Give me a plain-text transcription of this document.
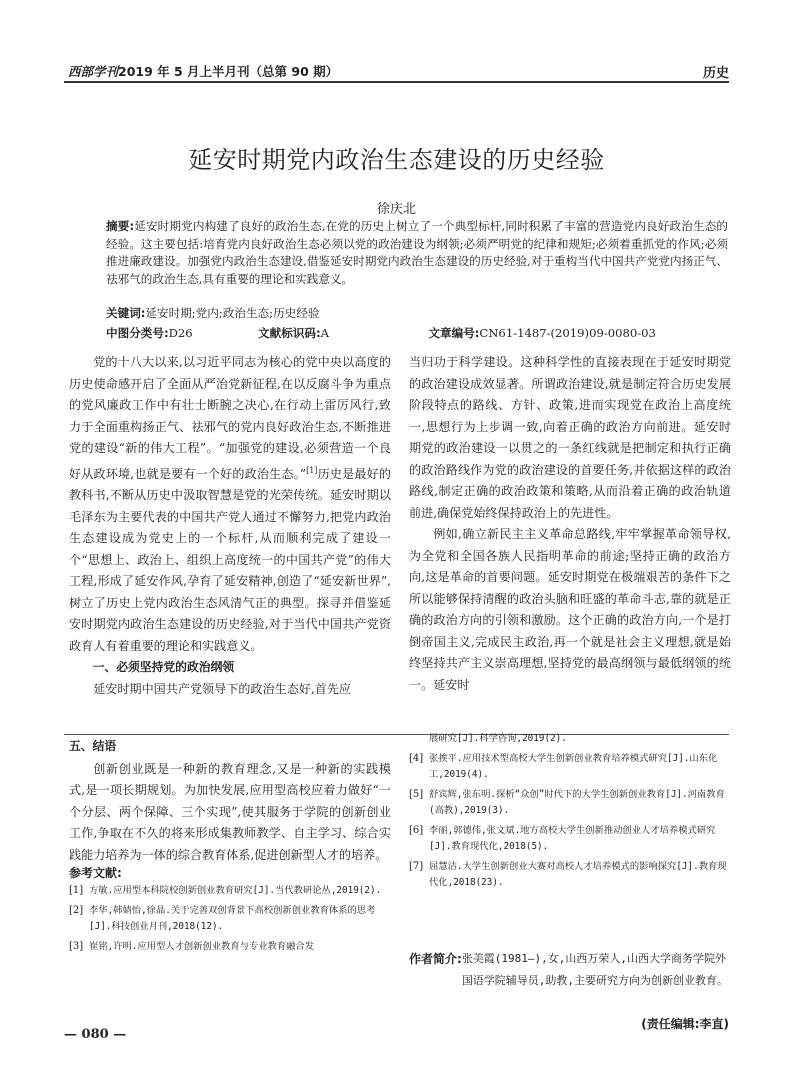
西部学刊2019 年 5 月上半月刊（总第 90 期）	历史
延安时期党内政治生态建设的历史经验
徐庆北
摘要:延安时期党内构建了良好的政治生态,在党的历史上树立了一个典型标杆,同时积累了丰富的营造党内良好政治生态的经验。这主要包括:培育党内良好政治生态必须以党的政治建设为纲领;必须严明党的纪律和规矩;必须着重抓党的作风;必须推进廉政建设。加强党内政治生态建设,借鉴延安时期党内政治生态建设的历史经验,对于重构当代中国共产党党内扬正气、祛邪气的政治生态,具有重要的理论和实践意义。
关键词:延安时期;党内;政治生态;历史经验
中图分类号:D26	文献标识码:A	文章编号:CN61-1487-(2019)09-0080-03

党的十八大以来,以习近平同志为核心的党中央以高度的历史使命感开启了全面从严治党新征程,在以反腐斗争为重点的党风廉政工作中有壮士断腕之决心,在行动上雷厉风行,致力于全面重构扬正气、祛邪气的党内良好政治生态,不断推进党的建设“新的伟大工程”。“加强党的建设,必须营造一个良好从政环境,也就是要有一个好的政治生态。”[1]历史是最好的教科书,不断从历史中汲取智慧是党的光荣传统。延安时期以毛泽东为主要代表的中国共产党人通过不懈努力,把党内政治生态建设成为党史上的一个标杆,从而顺利完成了建设一个“思想上、政治上、组织上高度统一的中国共产党”的伟大工程,形成了延安作风,孕育了延安精神,创造了“延安新世界”,树立了历史上党内政治生态风清气正的典型。探寻并借鉴延安时期党内政治生态建设的历史经验,对于当代中国共产党资政育人有着重要的理论和实践意义。

一、必须坚持党的政治纲领

延安时期中国共产党领导下的政治生态好,首先应

当归功于科学建设。这种科学性的直接表现在于延安时期党的政治建设成效显著。所谓政治建设,就是制定符合历史发展阶段特点的路线、方针、政策,进而实现党在政治上高度统一,思想行为上步调一致,向着正确的政治方向前进。延安时期党的政治建设一以贯之的一条红线就是把制定和执行正确的政治路线作为党的政治建设的首要任务,并依据这样的政治路线,制定正确的政治政策和策略,从而沿着正确的政治轨道前进,确保党始终保持政治上的先进性。

例如,确立新民主主义革命总路线,牢牢掌握革命领导权,为全党和全国各族人民指明革命的前途;坚持正确的政治方向,这是革命的首要问题。延安时期党在极端艰苦的条件下之所以能够保持清醒的政治头脑和旺盛的革命斗志,靠的就是正确的政治方向的引领和激励。这个正确的政治方向,一个是打倒帝国主义,完成民主政治,再一个就是社会主义理想,就是始终坚持共产主义崇高理想,坚持党的最高纲领与最低纲领的统一。延安时

五、结语

创新创业既是一种新的教育理念,又是一种新的实践模式,是一项长期规划。为加快发展,应用型高校应着力做好“一个分层、两个保障、三个实现”,使其服务于学院的创新创业工作,争取在不久的将来形成集教师教学、自主学习、综合实践能力培养为一体的综合教育体系,促进创新型人才的培养。

参考文献:
[1] 方敏.应用型本科院校创新创业教育研究[J].当代教研论丛,2019(2).
[2] 李华,韩婧怡,徐晶.关于完善双创背景下高校创新创业教育体系的思考[J].科技创业月刊,2018(12).
[3] 崔铭,许明.应用型人才创新创业教育与专业教育融合发
展研究[J].科学咨询,2019(2).
[4] 张挨平.应用技术型高校大学生创新创业教育培养模式研究[J].山东化工,2019(4).
[5] 舒宾辉,张东明.探析“众创”时代下的大学生创新创业教育[J].河南教育(高教),2019(3).
[6] 李丽,郭德伟,张文斌.地方高校大学生创新推动创业人才培养模式研究[J].教育现代化,2018(5).
[7] 屈慧洁.大学生创新创业大赛对高校人才培养模式的影响探究[J].教育现代化,2018(23).
作者简介: 张美霞(1981—),女,山西万荣人,山西大学商务学院外国语学院辅导员,助教,主要研究方向为创新创业教育。
(责任编辑:李直)
— 080 —
